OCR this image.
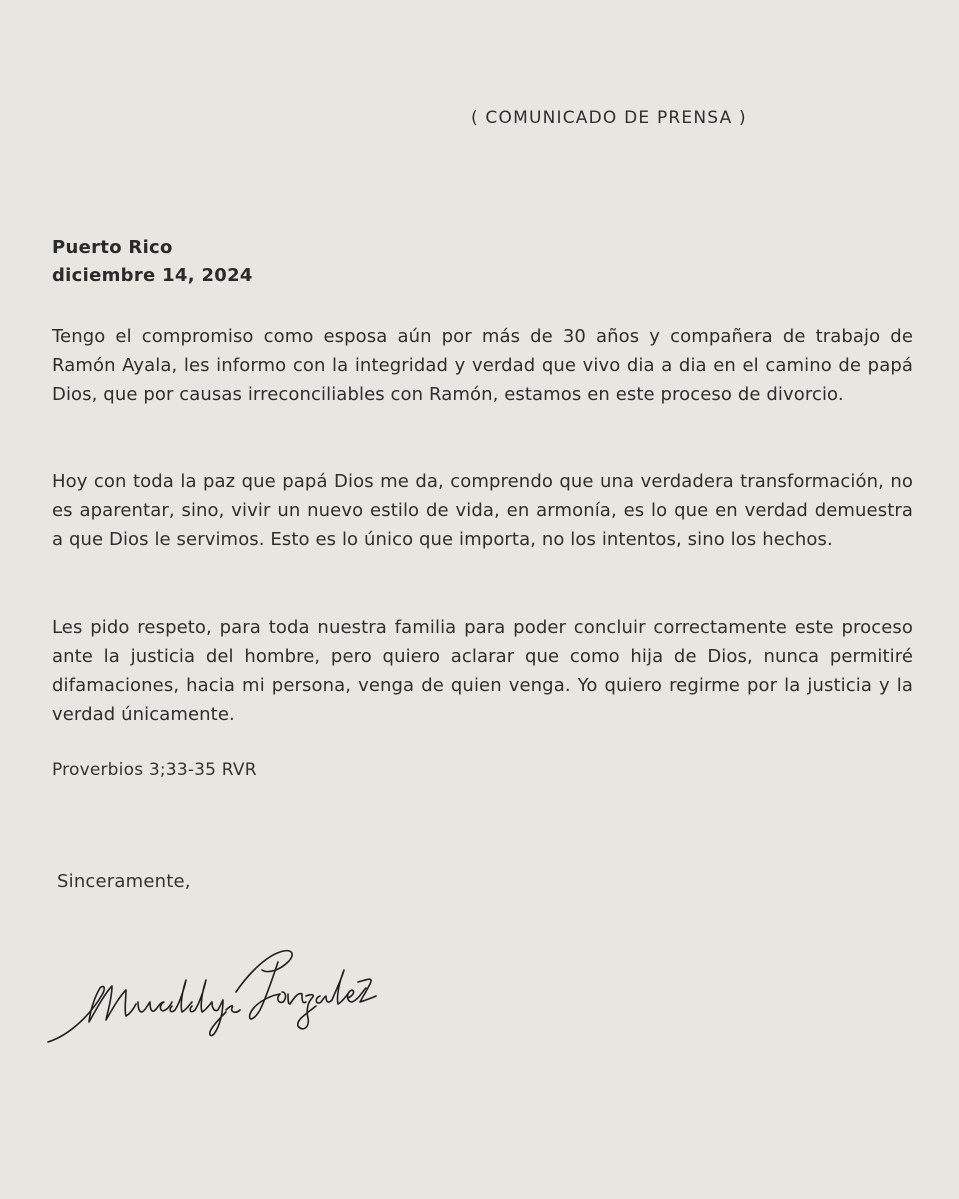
( COMUNICADO DE PRENSA )
Puerto Rico
diciembre 14, 2024
Tengo el compromiso como esposa aún por más de 30 años y compañera de trabajo de Ramón Ayala, les informo con la integridad y verdad que vivo dia a dia en el camino de papá Dios, que por causas irreconciliables con Ramón, estamos en este proceso de divorcio.
Hoy con toda la paz que papá Dios me da, comprendo que una verdadera transformación, no es aparentar, sino, vivir un nuevo estilo de vida, en armonía, es lo que en verdad demuestra a que Dios le servimos. Esto es lo único que importa, no los intentos, sino los hechos.
Les pido respeto, para toda nuestra familia para poder concluir correctamente este proceso ante la justicia del hombre, pero quiero aclarar que como hija de Dios, nunca permitiré difamaciones, hacia mi persona, venga de quien venga. Yo quiero regirme por la justicia y la verdad únicamente.
Proverbios 3;33-35 RVR
Sinceramente,
